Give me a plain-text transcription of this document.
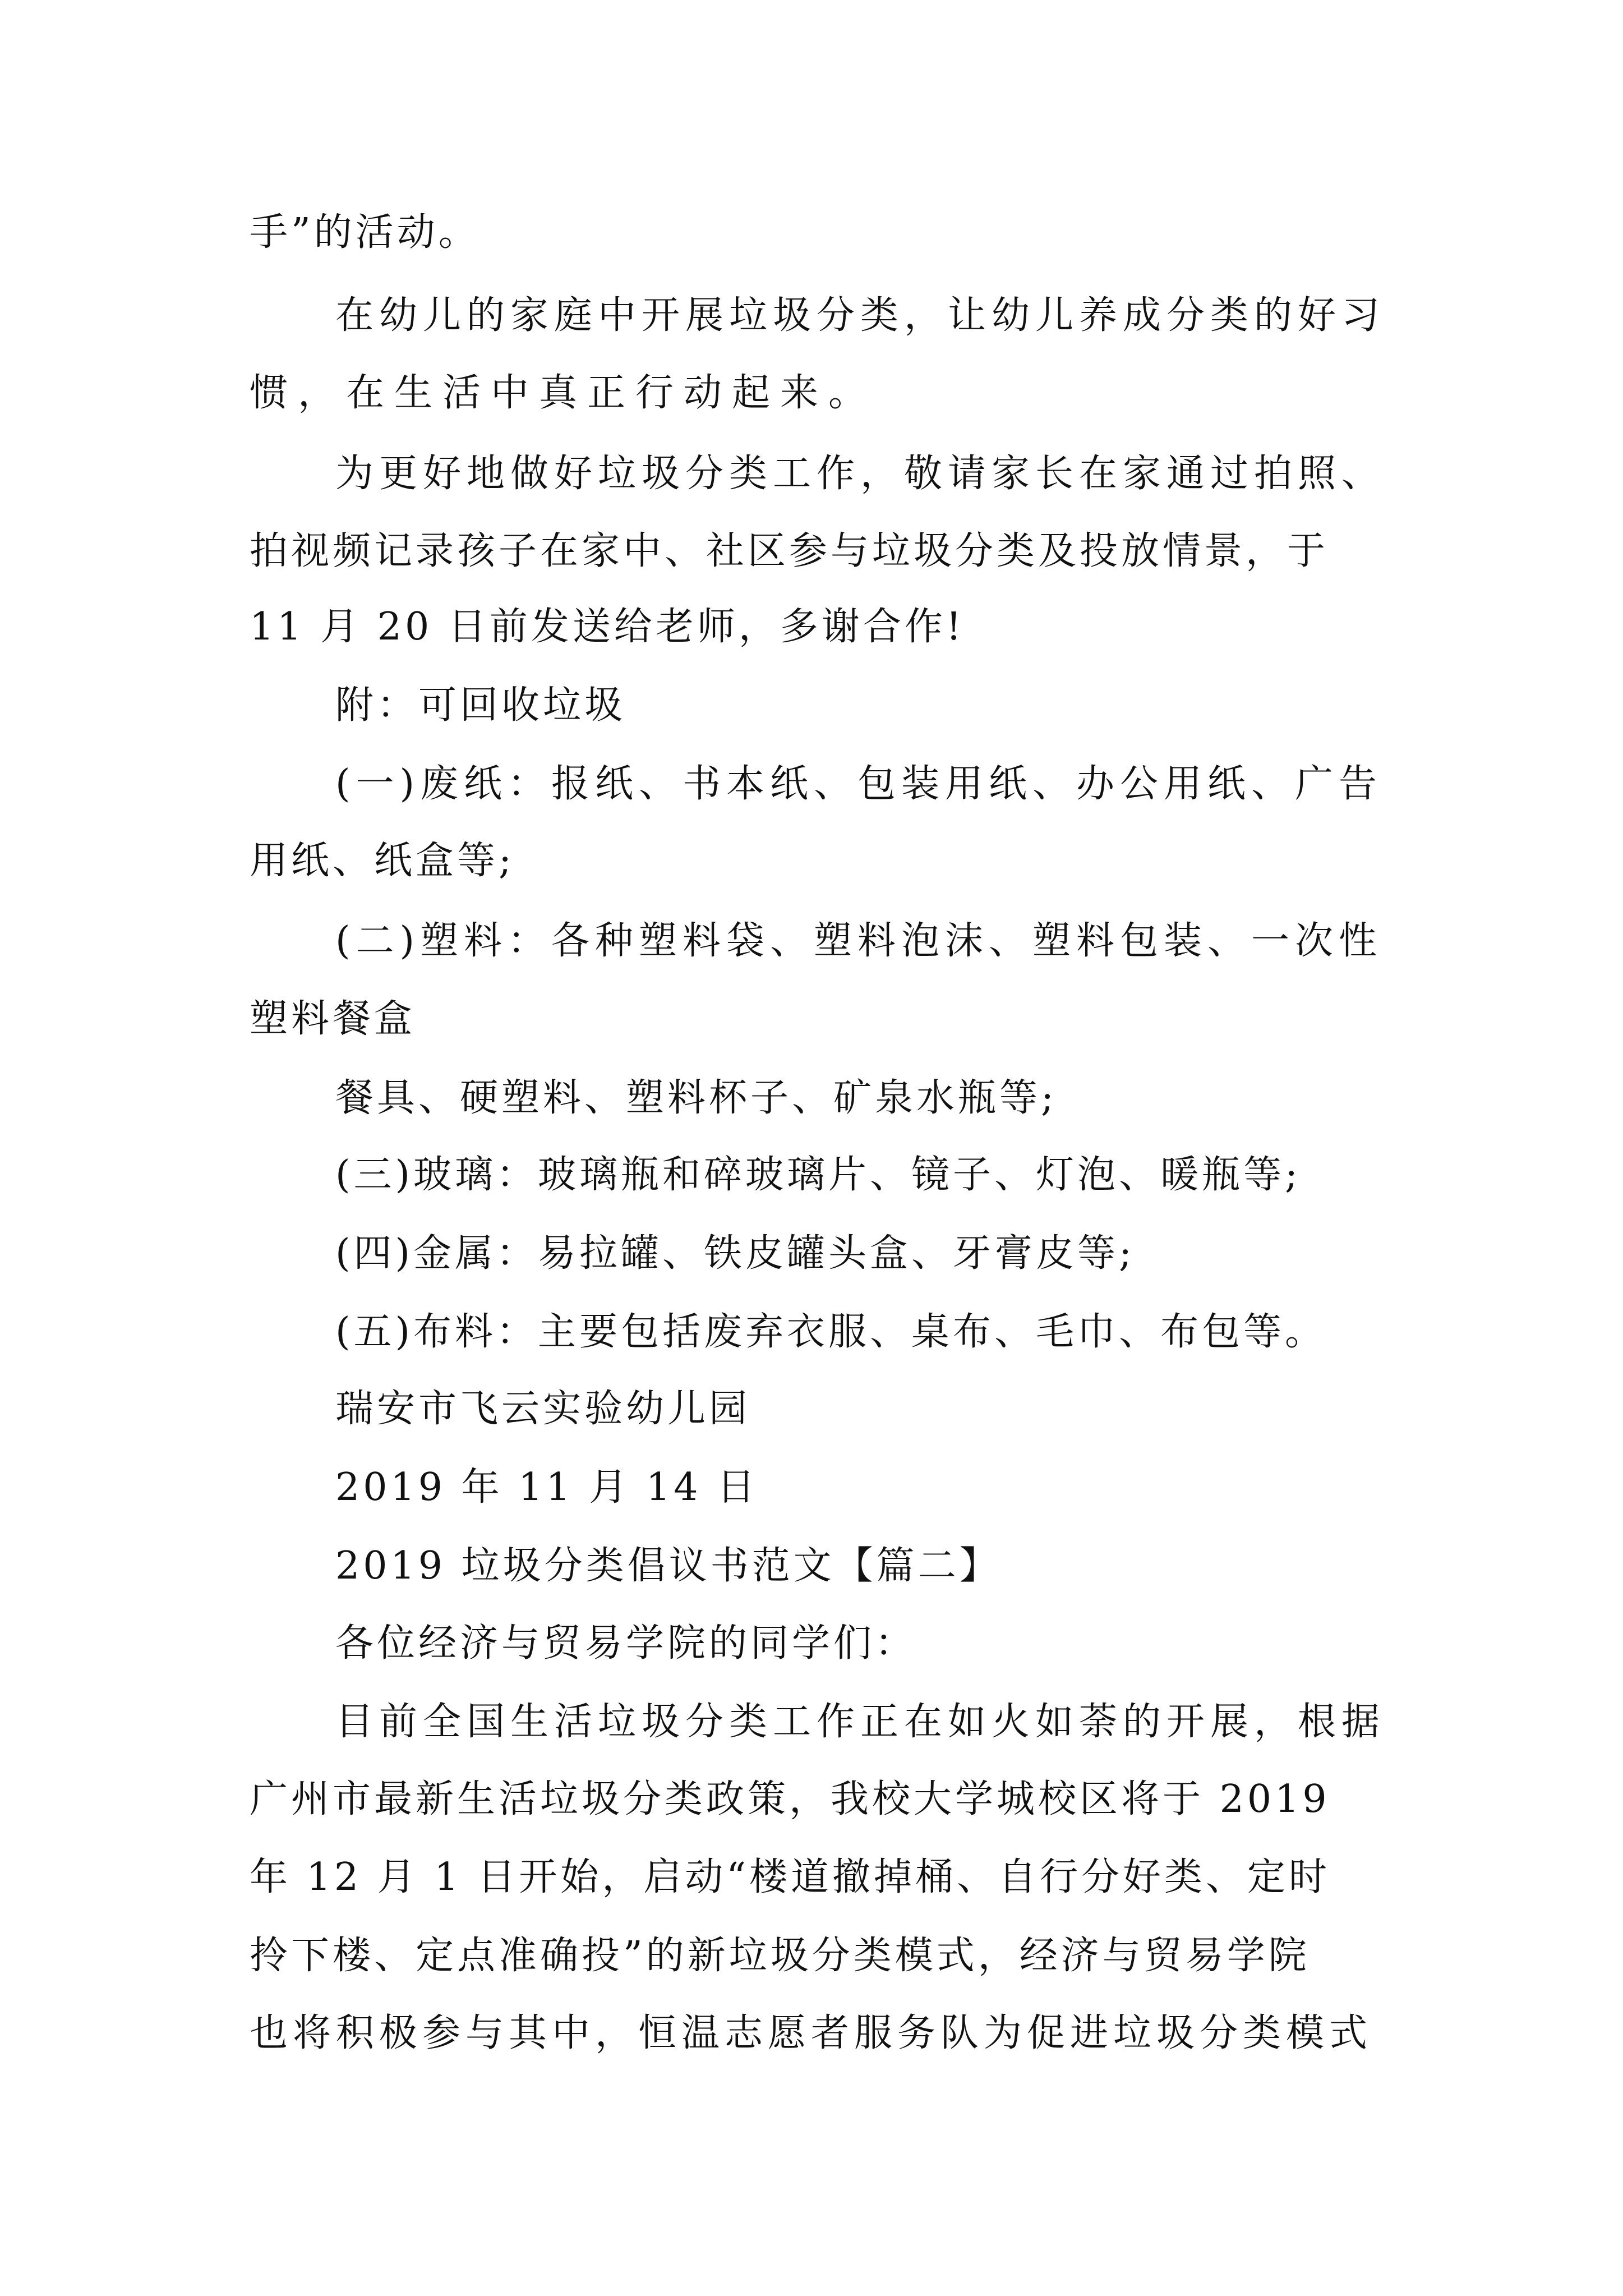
手”的活动。
在幼儿的家庭中开展垃圾分类，让幼儿养成分类的好习
惯，在生活中真正行动起来。
为更好地做好垃圾分类工作，敬请家长在家通过拍照、
拍视频记录孩子在家中、社区参与垃圾分类及投放情景，于
11 月 20 日前发送给老师，多谢合作!
附：可回收垃圾
(一)废纸：报纸、书本纸、包装用纸、办公用纸、广告
用纸、纸盒等;
(二)塑料：各种塑料袋、塑料泡沫、塑料包装、一次性
塑料餐盒
餐具、硬塑料、塑料杯子、矿泉水瓶等;
(三)玻璃：玻璃瓶和碎玻璃片、镜子、灯泡、暖瓶等;
(四)金属：易拉罐、铁皮罐头盒、牙膏皮等;
(五)布料：主要包括废弃衣服、桌布、毛巾、布包等。
瑞安市飞云实验幼儿园
2019 年 11 月 14 日
2019 垃圾分类倡议书范文【篇二】
各位经济与贸易学院的同学们：
目前全国生活垃圾分类工作正在如火如荼的开展，根据
广州市最新生活垃圾分类政策，我校大学城校区将于 2019
年 12 月 1 日开始，启动“楼道撤掉桶、自行分好类、定时
拎下楼、定点准确投”的新垃圾分类模式，经济与贸易学院
也将积极参与其中，恒温志愿者服务队为促进垃圾分类模式
